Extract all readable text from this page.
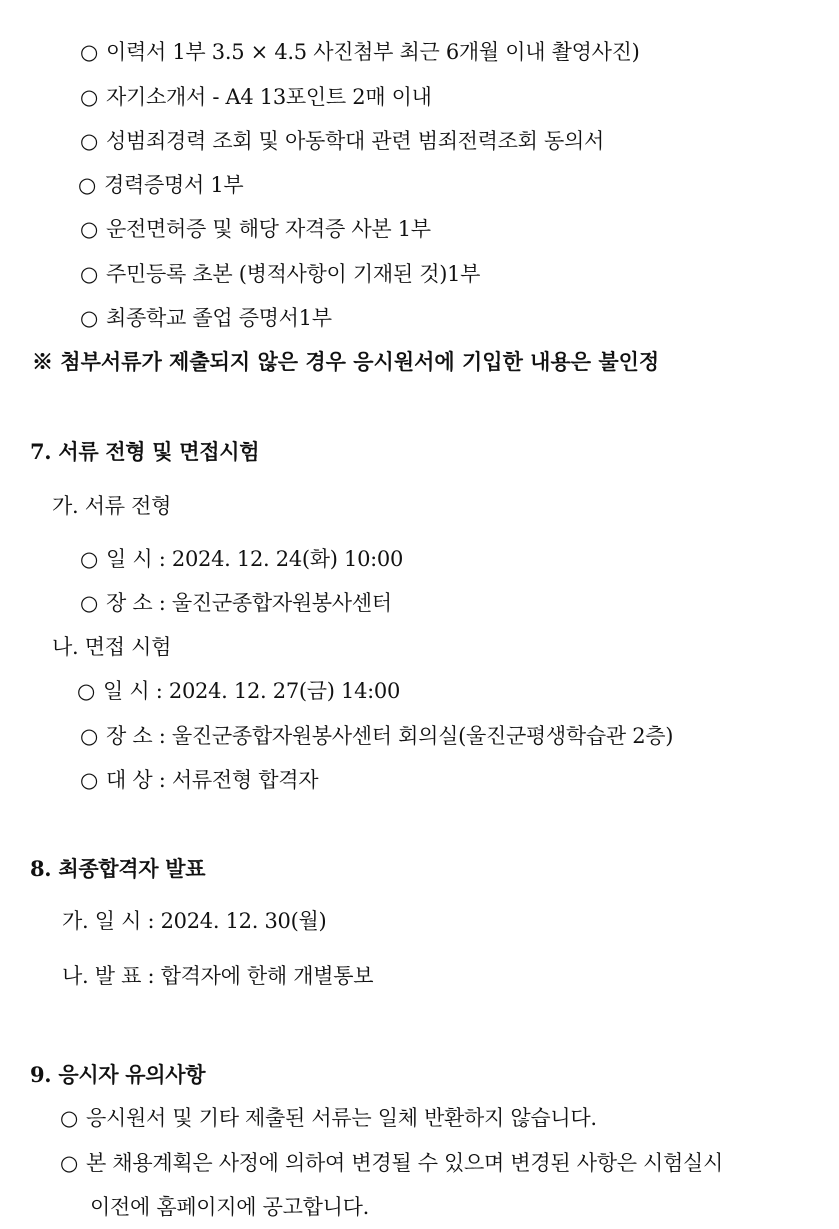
○ 이력서 1부 3.5 × 4.5 사진첨부 최근 6개월 이내 촬영사진)
○ 자기소개서 - A4 13포인트 2매 이내
○ 성범죄경력 조회 및 아동학대 관련 범죄전력조회 동의서
○ 경력증명서 1부
○ 운전면허증 및 해당 자격증 사본 1부
○ 주민등록 초본 (병적사항이 기재된 것)1부
○ 최종학교 졸업 증명서1부
※ 첨부서류가 제출되지 않은 경우 응시원서에 기입한 내용은 불인정
7. 서류 전형 및 면접시험
가. 서류 전형
○ 일 시 : 2024. 12. 24(화) 10:00
○ 장 소 : 울진군종합자원봉사센터
나. 면접 시험
○ 일 시 : 2024. 12. 27(금) 14:00
○ 장 소 : 울진군종합자원봉사센터 회의실(울진군평생학습관 2층)
○ 대 상 : 서류전형 합격자
8. 최종합격자 발표
가. 일 시 : 2024. 12. 30(월)
나. 발 표 : 합격자에 한해 개별통보
9. 응시자 유의사항
○ 응시원서 및 기타 제출된 서류는 일체 반환하지 않습니다.
○ 본 채용계획은 사정에 의하여 변경될 수 있으며 변경된 사항은 시험실시
이전에 홈페이지에 공고합니다.
